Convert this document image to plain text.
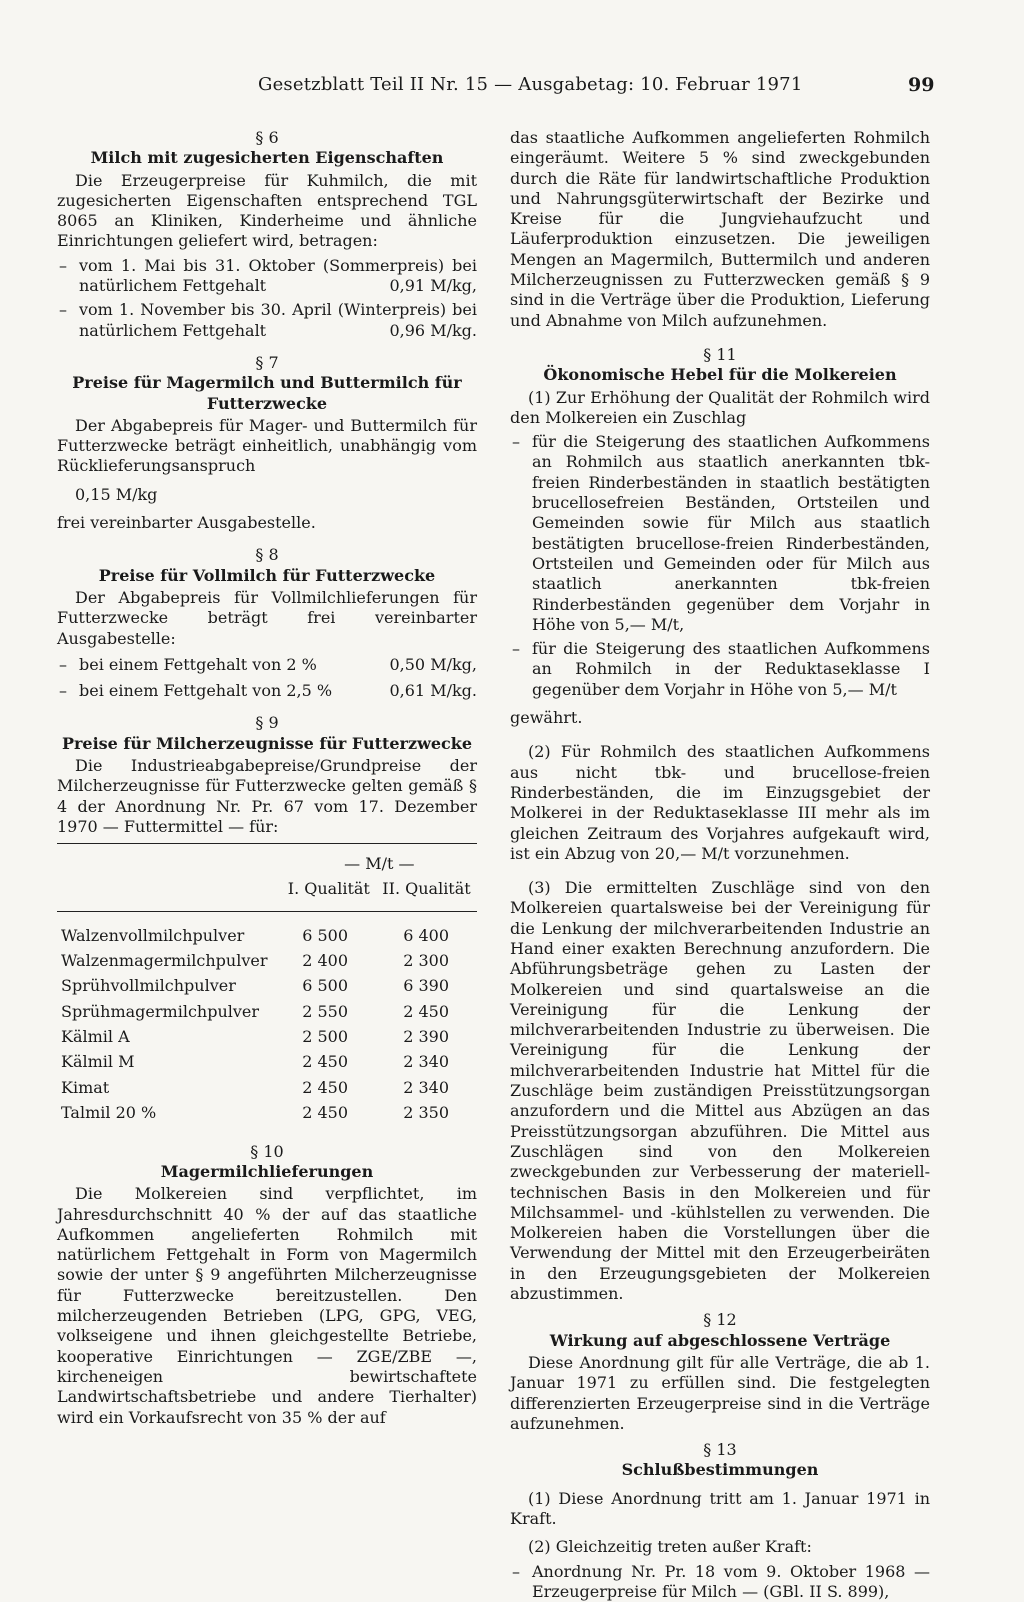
Gesetzblatt Teil II Nr. 15 — Ausgabetag: 10. Februar 1971	99
§ 6
Milch mit zugesicherten Eigenschaften

Die Erzeugerpreise für Kuhmilch, die mit zugesicherten Eigenschaften entsprechend TGL 8065 an Kliniken, Kinderheime und ähnliche Einrichtungen geliefert wird, betragen:

– vom 1. Mai bis 31. Oktober (Sommerpreis) bei natürlichem Fettgehalt	0,91 M/kg,
– vom 1. November bis 30. April (Winterpreis) bei natürlichem Fettgehalt	0,96 M/kg.
§ 7
Preise für Magermilch und Buttermilch für Futterzwecke

Der Abgabepreis für Mager- und Buttermilch für Futterzwecke beträgt einheitlich, unabhängig vom Rücklieferungsanspruch

0,15 M/kg

frei vereinbarter Ausgabestelle.

§ 8
Preise für Vollmilch für Futterzwecke

Der Abgabepreis für Vollmilchlieferungen für Futterzwecke beträgt frei vereinbarter Ausgabestelle:

– bei einem Fettgehalt von 2 %	0,50 M/kg,
– bei einem Fettgehalt von 2,5 %	0,61 M/kg.
§ 9
Preise für Milcherzeugnisse für Futterzwecke

Die Industrieabgabepreise/Grundpreise der Milcherzeugnisse für Futterzwecke gelten gemäß § 4 der Anordnung Nr. Pr. 67 vom 17. Dezember 1970 — Futtermittel — für:

	— M/t —	
	I. Qualität	II. Qualität
Walzenvollmilchpulver	6 500	6 400
Walzenmagermilchpulver	2 400	2 300
Sprühvollmilchpulver	6 500	6 390
Sprühmagermilchpulver	2 550	2 450
Kälmil A	2 500	2 390
Kälmil M	2 450	2 340
Kimat	2 450	2 340
Talmil 20 %	2 450	2 350
§ 10
Magermilchlieferungen

Die Molkereien sind verpflichtet, im Jahresdurchschnitt 40 % der auf das staatliche Aufkommen angelieferten Rohmilch mit natürlichem Fettgehalt in Form von Magermilch sowie der unter § 9 angeführten Milcherzeugnisse für Futterzwecke bereitzustellen. Den milcherzeugenden Betrieben (LPG, GPG, VEG, volkseigene und ihnen gleichgestellte Betriebe, kooperative Einrichtungen — ZGE/ZBE —, kircheneigen bewirtschaftete Landwirtschaftsbetriebe und andere Tierhalter) wird ein Vorkaufsrecht von 35 % der auf

das staatliche Aufkommen angelieferten Rohmilch eingeräumt. Weitere 5 % sind zweckgebunden durch die Räte für landwirtschaftliche Produktion und Nahrungsgüterwirtschaft der Bezirke und Kreise für die Jungviehaufzucht und Läuferproduktion einzusetzen. Die jeweiligen Mengen an Magermilch, Buttermilch und anderen Milcherzeugnissen zu Futterzwecken gemäß § 9 sind in die Verträge über die Produktion, Lieferung und Abnahme von Milch aufzunehmen.

§ 11
Ökonomische Hebel für die Molkereien

(1) Zur Erhöhung der Qualität der Rohmilch wird den Molkereien ein Zuschlag

– für die Steigerung des staatlichen Aufkommens an Rohmilch aus staatlich anerkannten tbk-freien Rinderbeständen in staatlich bestätigten brucellosefreien Beständen, Ortsteilen und Gemeinden sowie für Milch aus staatlich bestätigten brucellose-freien Rinderbeständen, Ortsteilen und Gemeinden oder für Milch aus staatlich anerkannten tbk-freien Rinderbeständen gegenüber dem Vorjahr in Höhe von 5,— M/t,
– für die Steigerung des staatlichen Aufkommens an Rohmilch in der Reduktaseklasse I gegenüber dem Vorjahr in Höhe von 5,— M/t

gewährt.

(2) Für Rohmilch des staatlichen Aufkommens aus nicht tbk- und brucellose-freien Rinderbeständen, die im Einzugsgebiet der Molkerei in der Reduktaseklasse III mehr als im gleichen Zeitraum des Vorjahres aufgekauft wird, ist ein Abzug von 20,— M/t vorzunehmen.

(3) Die ermittelten Zuschläge sind von den Molkereien quartalsweise bei der Vereinigung für die Lenkung der milchverarbeitenden Industrie an Hand einer exakten Berechnung anzufordern. Die Abführungsbeträge gehen zu Lasten der Molkereien und sind quartalsweise an die Vereinigung für die Lenkung der milchverarbeitenden Industrie zu überweisen. Die Vereinigung für die Lenkung der milchverarbeitenden Industrie hat Mittel für die Zuschläge beim zuständigen Preisstützungsorgan anzufordern und die Mittel aus Abzügen an das Preisstützungsorgan abzuführen. Die Mittel aus Zuschlägen sind von den Molkereien zweckgebunden zur Verbesserung der materiell-technischen Basis in den Molkereien und für Milchsammel- und -kühlstellen zu verwenden. Die Molkereien haben die Vorstellungen über die Verwendung der Mittel mit den Erzeugerbeiräten in den Erzeugungsgebieten der Molkereien abzustimmen.

§ 12
Wirkung auf abgeschlossene Verträge

Diese Anordnung gilt für alle Verträge, die ab 1. Januar 1971 zu erfüllen sind. Die festgelegten differenzierten Erzeugerpreise sind in die Verträge aufzunehmen.

§ 13
Schlußbestimmungen

(1) Diese Anordnung tritt am 1. Januar 1971 in Kraft.

(2) Gleichzeitig treten außer Kraft:

– Anordnung Nr. Pr. 18 vom 9. Oktober 1968 — Erzeugerpreise für Milch — (GBl. II S. 899),
